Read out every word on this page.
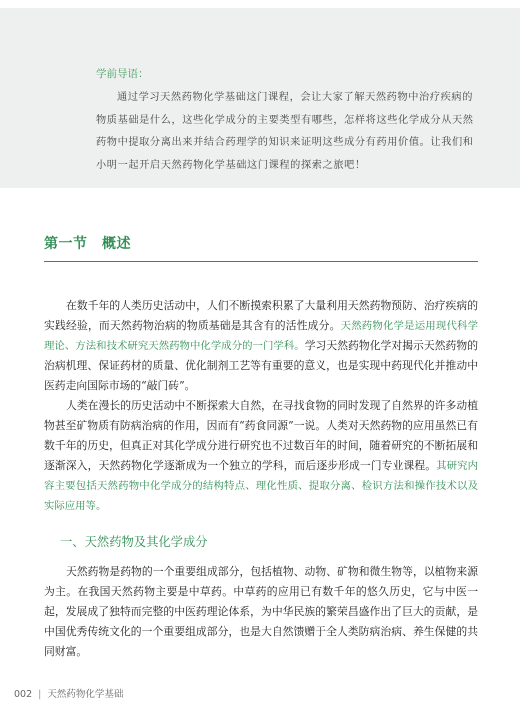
学前导语：

通过学习天然药物化学基础这门课程，会让大家了解天然药物中治疗疾病的物质基础是什么，这些化学成分的主要类型有哪些，怎样将这些化学成分从天然药物中提取分离出来并结合药理学的知识来证明这些成分有药用价值。让我们和小明一起开启天然药物化学基础这门课程的探索之旅吧！

第一节　概述

在数千年的人类历史活动中，人们不断摸索积累了大量利用天然药物预防、治疗疾病的实践经验，而天然药物治病的物质基础是其含有的活性成分。天然药物化学是运用现代科学理论、方法和技术研究天然药物中化学成分的一门学科。学习天然药物化学对揭示天然药物的治病机理、保证药材的质量、优化制剂工艺等有重要的意义，也是实现中药现代化并推动中医药走向国际市场的“敲门砖”。

人类在漫长的历史活动中不断探索大自然，在寻找食物的同时发现了自然界的许多动植物甚至矿物质有防病治病的作用，因而有“药食同源”一说。人类对天然药物的应用虽然已有数千年的历史，但真正对其化学成分进行研究也不过数百年的时间，随着研究的不断拓展和逐渐深入，天然药物化学逐渐成为一个独立的学科，而后逐步形成一门专业课程。其研究内容主要包括天然药物中化学成分的结构特点、理化性质、提取分离、检识方法和操作技术以及实际应用等。

一、天然药物及其化学成分

天然药物是药物的一个重要组成部分，包括植物、动物、矿物和微生物等，以植物来源为主。在我国天然药物主要是中草药。中草药的应用已有数千年的悠久历史，它与中医一起，发展成了独特而完整的中医药理论体系，为中华民族的繁荣昌盛作出了巨大的贡献，是中国优秀传统文化的一个重要组成部分，也是大自然馈赠于全人类防病治病、养生保健的共同财富。

002 | 天然药物化学基础
